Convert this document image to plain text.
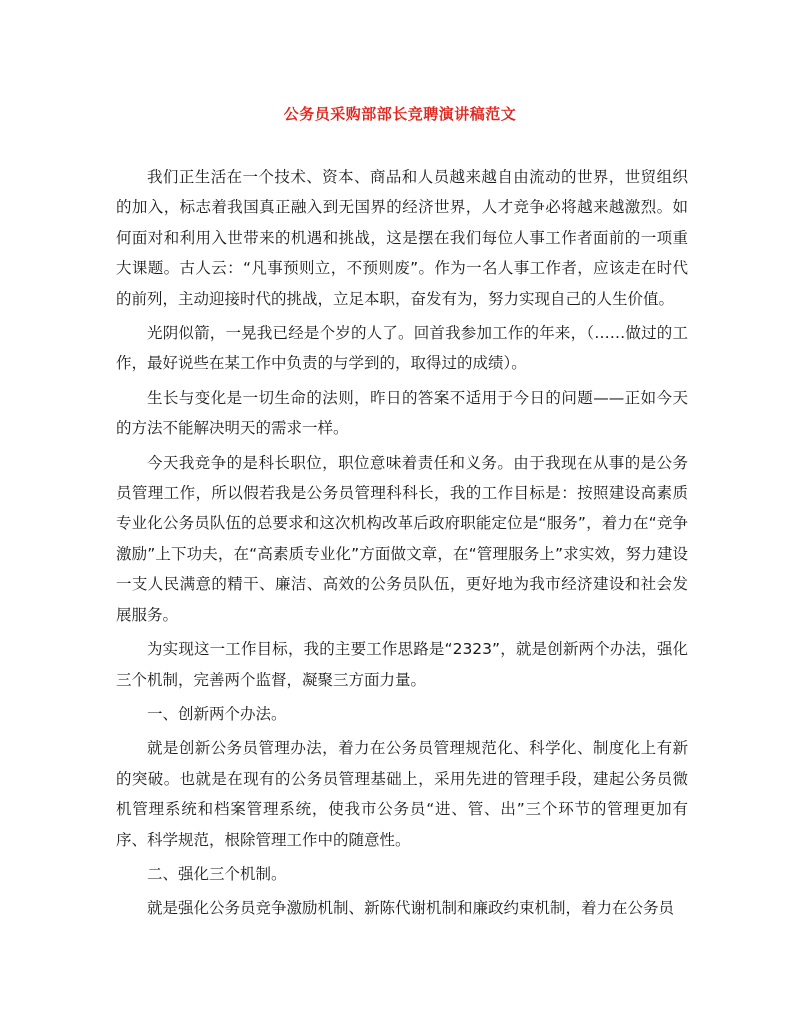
公务员采购部部长竞聘演讲稿范文

我们正生活在一个技术、资本、商品和人员越来越自由流动的世界，世贸组织的加入，标志着我国真正融入到无国界的经济世界，人才竞争必将越来越激烈。如何面对和利用入世带来的机遇和挑战，这是摆在我们每位人事工作者面前的一项重大课题。古人云：“凡事预则立，不预则废”。作为一名人事工作者，应该走在时代的前列，主动迎接时代的挑战，立足本职，奋发有为，努力实现自己的人生价值。

光阴似箭，一晃我已经是个岁的人了。回首我参加工作的年来，（……做过的工作，最好说些在某工作中负责的与学到的，取得过的成绩）。

生长与变化是一切生命的法则，昨日的答案不适用于今日的问题——正如今天的方法不能解决明天的需求一样。

今天我竞争的是科长职位，职位意味着责任和义务。由于我现在从事的是公务员管理工作，所以假若我是公务员管理科科长，我的工作目标是：按照建设高素质专业化公务员队伍的总要求和这次机构改革后政府职能定位是“服务”，着力在“竞争激励”上下功夫，在“高素质专业化”方面做文章，在“管理服务上”求实效，努力建设一支人民满意的精干、廉洁、高效的公务员队伍，更好地为我市经济建设和社会发展服务。

为实现这一工作目标，我的主要工作思路是“2323”，就是创新两个办法，强化三个机制，完善两个监督，凝聚三方面力量。

一、创新两个办法。

就是创新公务员管理办法，着力在公务员管理规范化、科学化、制度化上有新的突破。也就是在现有的公务员管理基础上，采用先进的管理手段，建起公务员微机管理系统和档案管理系统，使我市公务员“进、管、出”三个环节的管理更加有序、科学规范，根除管理工作中的随意性。

二、强化三个机制。

就是强化公务员竞争激励机制、新陈代谢机制和廉政约束机制，着力在公务员
